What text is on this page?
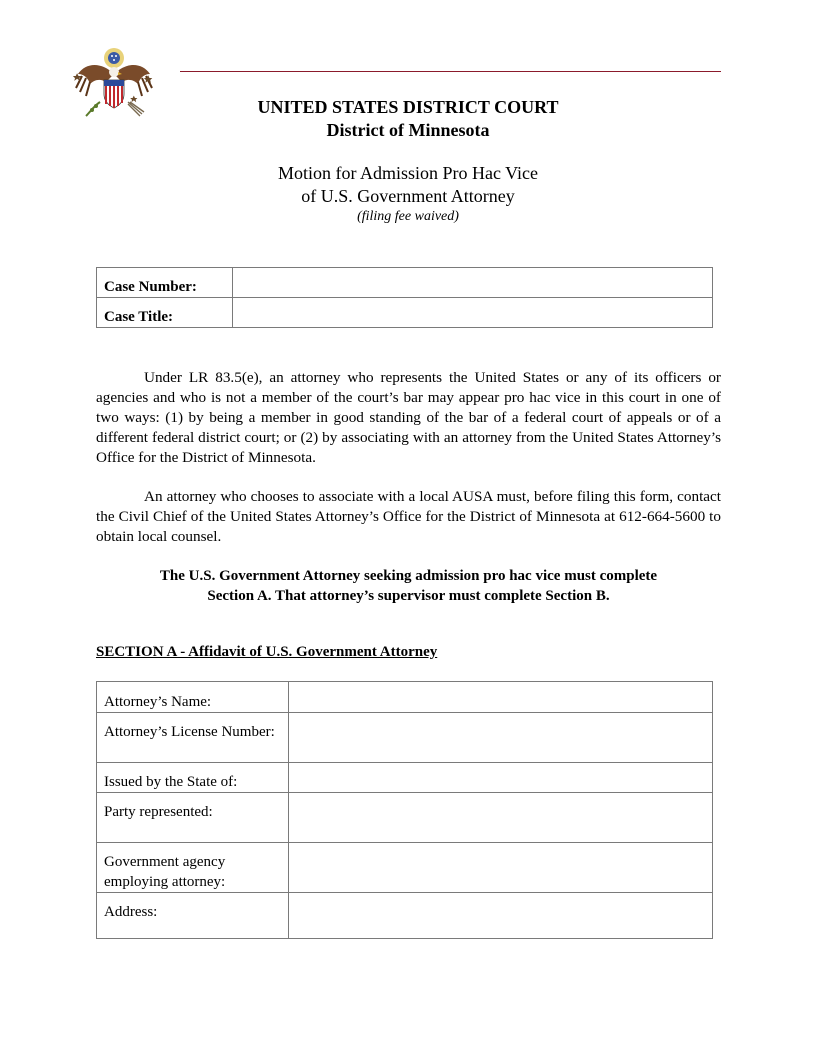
UNITED STATES DISTRICT COURT
District of Minnesota
Motion for Admission Pro Hac Vice
of U.S. Government Attorney
(filing fee waived)
Case Number:	
Case Title:	

Under LR 83.5(e), an attorney who represents the United States or any of its officers or agencies and who is not a member of the court’s bar may appear pro hac vice in this court in one of two ways: (1) by being a member in good standing of the bar of a federal court of appeals or of a different federal district court; or (2) by associating with an attorney from the United States Attorney’s Office for the District of Minnesota.

An attorney who chooses to associate with a local AUSA must, before filing this form, contact the Civil Chief of the United States Attorney’s Office for the District of Minnesota at 612-664-5600 to obtain local counsel.

The U.S. Government Attorney seeking admission pro hac vice must complete

Section A. That attorney’s supervisor must complete Section B.

SECTION A - Affidavit of U.S. Government Attorney
Attorney’s Name:	
Attorney’s License Number:	
Issued by the State of:	
Party represented:	
Government agency employing attorney:	
Address:	
